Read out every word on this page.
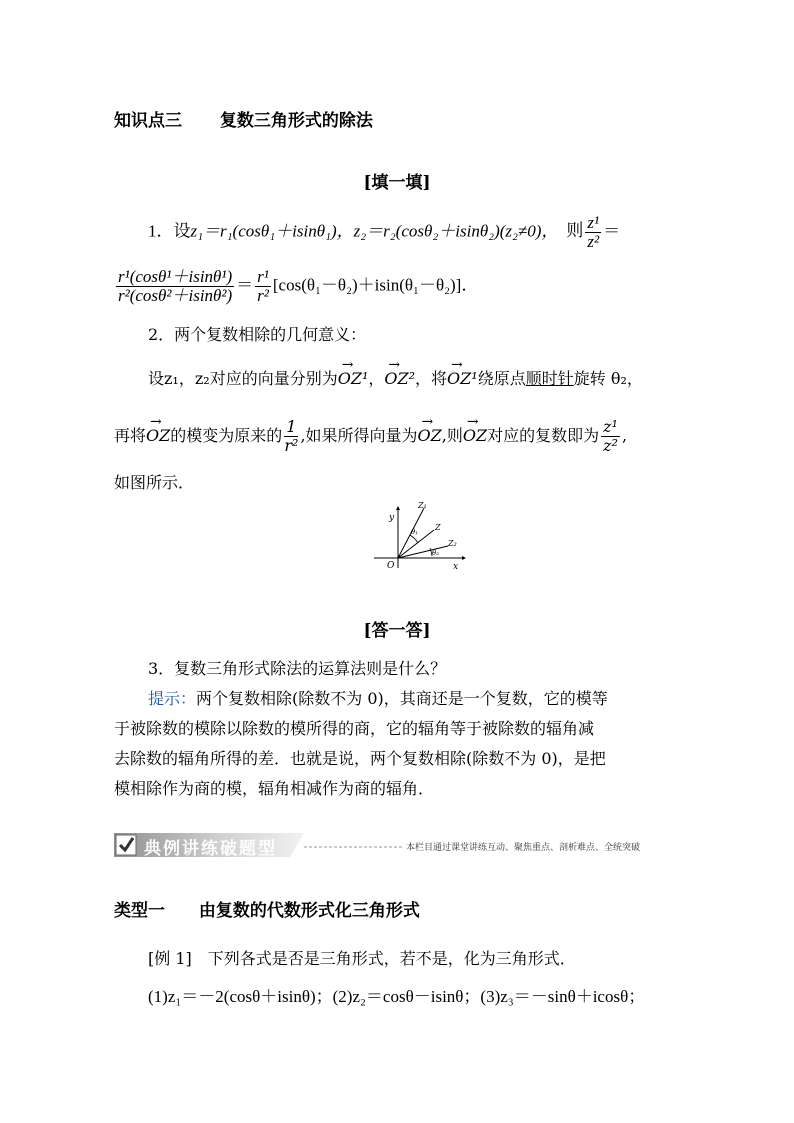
知识点三 复数三角形式的除法
[填一填]
1．设z₁＝r₁(cosθ₁＋isinθ₁)，z₂＝r₂(cosθ₂＋isinθ₂)(z₂≠0)， 则 $\frac{\text{z¹}}{\text{z²}}$ ＝
$\frac{\text{r¹(cosθ¹＋isinθ¹)}}{\text{r²(cosθ²＋isinθ²)}} = \frac{\text{r¹}}{\text{r²}} [\cos(\theta_1-\theta_2)+isin(\theta_1-\theta_2)]$．
2．两个复数相除的几何意义：
设z₁，z₂对应的向量分别为→ OZ¹，→ OZ²，将→ OZ¹绕原点顺时针旋转 θ₂，
再将→ OZ的模变为原来的 $\frac{1}{\text{r²}}$ ,如果所得向量为→ OZ,则→ OZ对应的复数即为 $\frac{\text{z¹}}{\text{z²}}$ ,
如图所示．
y
x
O
Z₁
Z
Z₂
θ₁
θ₂
[答一答]
3．复数三角形式除法的运算法则是什么？
提示：两个复数相除(除数不为 0)，其商还是一个复数，它的模等
于被除数的模除以除数的模所得的商，它的辐角等于被除数的辐角减
去除数的辐角所得的差．也就是说，两个复数相除(除数不为 0)，是把
模相除作为商的模，辐角相减作为商的辐角．
典例讲练破题型	本栏目通过课堂讲练互动、聚焦重点、剖析难点、全统突破
类型一 由复数的代数形式化三角形式
[例 1] 下列各式是否是三角形式，若不是，化为三角形式．
(1)z₁＝－2(cosθ＋isinθ)；(2)z₂＝cosθ－isinθ；(3)z₃＝－sinθ＋icosθ；
